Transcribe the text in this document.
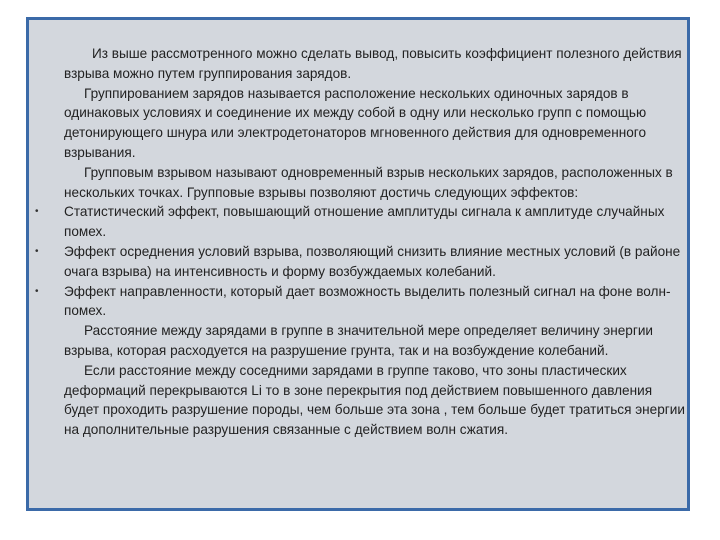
Из выше рассмотренного можно сделать вывод, повысить коэффициент полезного действия взрыва можно путем группирования зарядов.
Группированием зарядов называется расположение нескольких одиночных зарядов в одинаковых условиях и соединение их между собой в одну или несколько групп с помощью детонирующего шнура или электродетонаторов мгновенного действия для одновременного взрывания.
Групповым взрывом называют одновременный взрыв нескольких зарядов, расположенных в нескольких точках. Групповые взрывы позволяют достичь следующих эффектов:
• Статистический эффект, повышающий отношение амплитуды сигнала к амплитуде случайных помех.
• Эффект осреднения условий взрыва, позволяющий снизить влияние местных условий (в районе очага взрыва) на интенсивность и форму возбуждаемых колебаний.
• Эффект направленности, который дает возможность выделить полезный сигнал на фоне волн-помех.
Расстояние между зарядами в группе в значительной мере определяет величину энергии взрыва, которая расходуется на разрушение грунта, так и на возбуждение колебаний.
Если расстояние между соседними зарядами в группе таково, что зоны пластических деформаций перекрываются Li то в зоне перекрытия под действием повышенного давления будет проходить разрушение породы, чем больше эта зона , тем больше будет тратиться энергии на дополнительные разрушения связанные с действием волн сжатия.
